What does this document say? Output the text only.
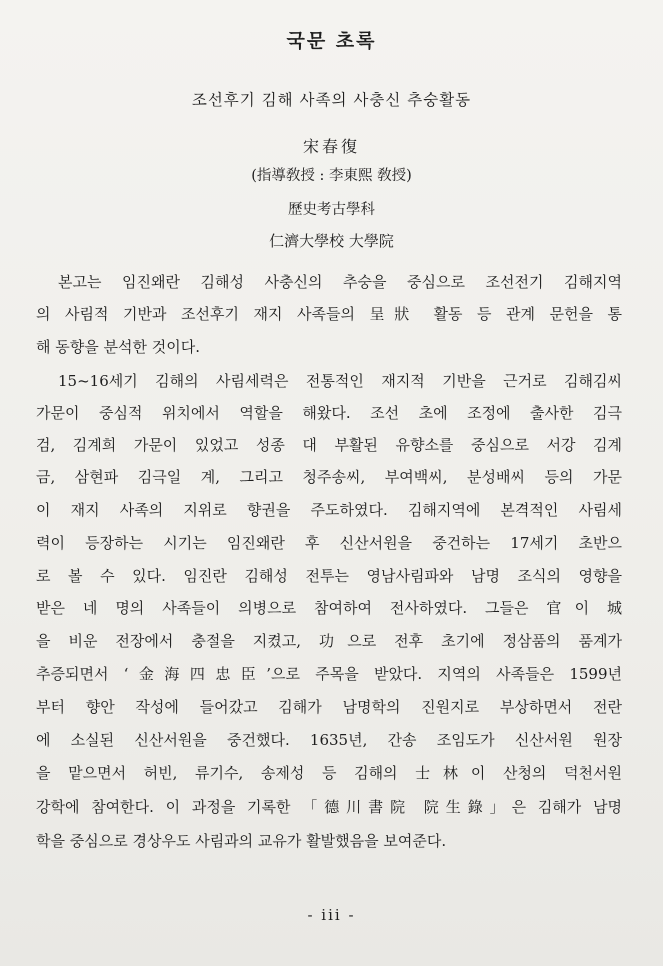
국문 초록
조선후기 김해 사족의 사충신 추숭활동
宋春復
(指導敎授 : 李東熙 敎授)
歷史考古學科
仁濟大學校 大學院
본고는 임진왜란 김해성 사충신의 추숭을 중심으로 조선전기 김해지역
의 사림적 기반과 조선후기 재지 사족들의 呈狀 활동 등 관계 문헌을 통
해 동향을 분석한 것이다.
15~16세기 김해의 사림세력은 전통적인 재지적 기반을 근거로 김해김씨
가문이 중심적 위치에서 역할을 해왔다. 조선 초에 조정에 출사한 김극
검, 김계희 가문이 있었고 성종 대 부활된 유향소를 중심으로 서강 김계
금, 삼현파 김극일 계, 그리고 청주송씨, 부여백씨, 분성배씨 등의 가문
이 재지 사족의 지위로 향권을 주도하였다. 김해지역에 본격적인 사림세
력이 등장하는 시기는 임진왜란 후 신산서원을 중건하는 17세기 초반으
로 볼 수 있다. 임진란 김해성 전투는 영남사림파와 남명 조식의 영향을
받은 네 명의 사족들이 의병으로 참여하여 전사하였다. 그들은 官이 城
을 비운 전장에서 충절을 지켰고, 功으로 전후 초기에 정삼품의 품계가
추증되면서 ‘金海四忠臣’으로 주목을 받았다. 지역의 사족들은 1599년
부터 향안 작성에 들어갔고 김해가 남명학의 진원지로 부상하면서 전란
에 소실된 신산서원을 중건했다. 1635년, 간송 조임도가 신산서원 원장
을 맡으면서 허빈, 류기수, 송제성 등 김해의 士林이 산청의 덕천서원
강학에 참여한다. 이 과정을 기록한 「德川書院 院生錄」은 김해가 남명
학을 중심으로 경상우도 사림과의 교유가 활발했음을 보여준다.
- iii -
